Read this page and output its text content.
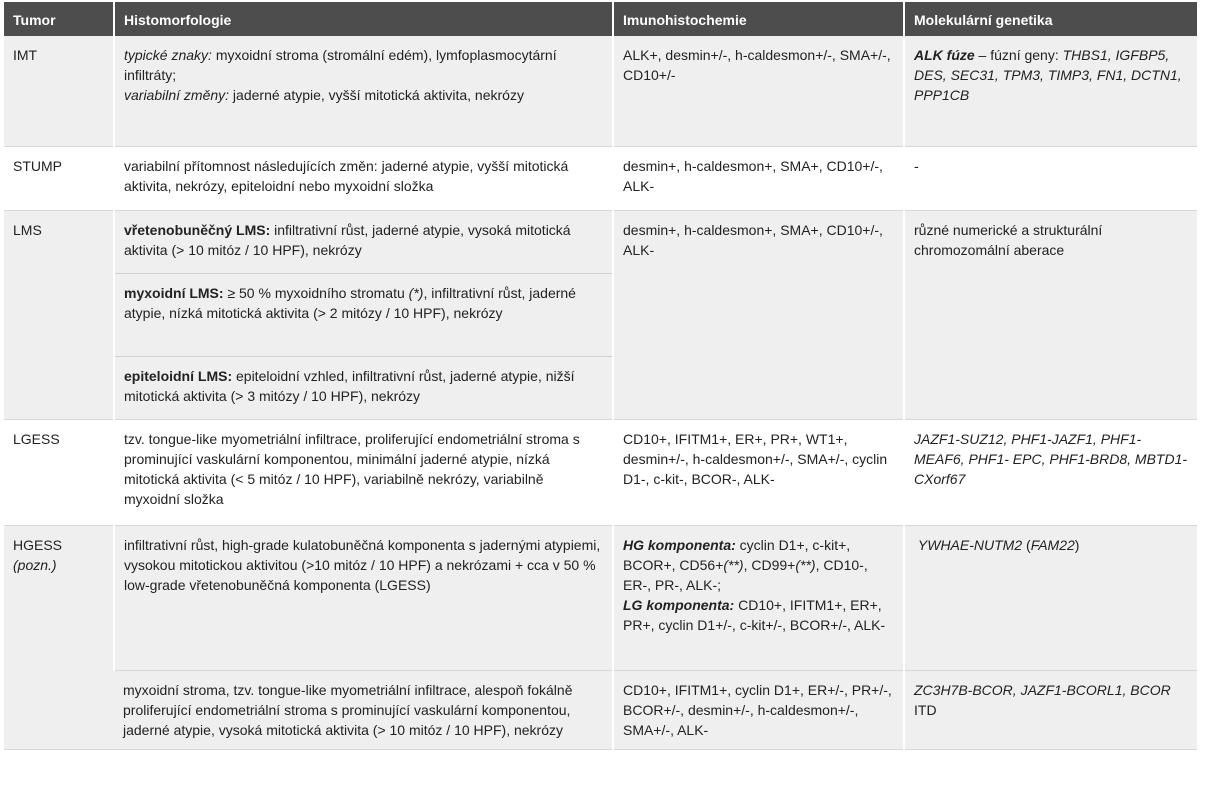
Tumor	Histomorfologie	Imunohistochemie	Molekulární genetika
IMT	typické znaky: myxoidní stroma (stromální edém), lymfoplasmocytární infiltráty;
variabilní změny: jaderné atypie, vyšší mitotická aktivita, nekrózy	ALK+, desmin+/-, h-caldesmon+/-, SMA+/-, CD10+/-	ALK fúze – fúzní geny: THBS1, IGFBP5, DES, SEC31, TPM3, TIMP3, FN1, DCTN1, PPP1CB
STUMP	variabilní přítomnost následujících změn: jaderné atypie, vyšší mitotická aktivita, nekrózy, epiteloidní nebo myxoidní složka	desmin+, h-caldesmon+, SMA+, CD10+/-, ALK-	-
LMS	vřetenobuněčný LMS: infiltrativní růst, jaderné atypie, vysoká mitotická aktivita (> 10 mitóz / 10 HPF), nekrózy
myxoidní LMS: ≥ 50 % myxoidního stromatu (*), infiltrativní růst, jaderné atypie, nízká mitotická aktivita (> 2 mitózy / 10 HPF), nekrózy
epiteloidní LMS: epiteloidní vzhled, infiltrativní růst, jaderné atypie, nižší mitotická aktivita (> 3 mitózy / 10 HPF), nekrózy	desmin+, h-caldesmon+, SMA+, CD10+/-, ALK-	různé numerické a strukturální chromozomální aberace
LGESS	tzv. tongue-like myometriální infiltrace, proliferující endometriální stroma s prominující vaskulární komponentou, minimální jaderné atypie, nízká mitotická aktivita (< 5 mitóz / 10 HPF), variabilně nekrózy, variabilně myxoidní složka	CD10+, IFITM1+, ER+, PR+, WT1+, desmin+/-, h-caldesmon+/-, SMA+/-, cyclin D1-, c-kit-, BCOR-, ALK-	JAZF1-SUZ12, PHF1-JAZF1, PHF1-MEAF6, PHF1- EPC, PHF1-BRD8, MBTD1-CXorf67
HGESS
(pozn.)	infiltrativní růst, high-grade kulatobuněčná komponenta s jadernými atypiemi, vysokou mitotickou aktivitou (>10 mitóz / 10 HPF) a nekrózami + cca v 50 % low-grade vřetenobuněčná komponenta (LGESS)	HG komponenta: cyclin D1+, c-kit+, BCOR+, CD56+(**), CD99+(**), CD10-, ER-, PR-, ALK-;
LG komponenta: CD10+, IFITM1+, ER+, PR+, cyclin D1+/-, c-kit+/-, BCOR+/-, ALK-	YWHAE-NUTM2 (FAM22)
	myxoidní stroma, tzv. tongue-like myometriální infiltrace, alespoň fokálně proliferující endometriální stroma s prominující vaskulární komponentou, jaderné atypie, vysoká mitotická aktivita (> 10 mitóz / 10 HPF), nekrózy	CD10+, IFITM1+, cyclin D1+, ER+/-, PR+/-, BCOR+/-, desmin+/-, h-caldesmon+/-, SMA+/-, ALK-	ZC3H7B-BCOR, JAZF1-BCORL1, BCOR
ITD
